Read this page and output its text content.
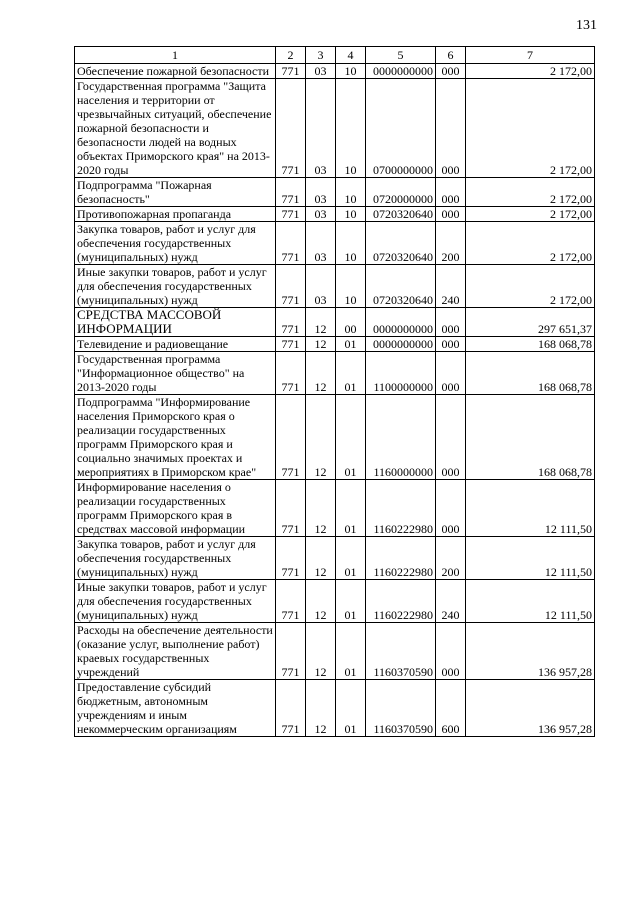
131
1	2	3	4	5	6	7
Обеспечение пожарной безопасности	771	03	10	0000000000	000	2 172,00
Государственная программа "Защита населения и территории от чрезвычайных ситуаций, обеспечение пожарной безопасности и безопасности людей на водных объектах Приморского края" на 2013-2020 годы	771	03	10	0700000000	000	2 172,00
Подпрограмма "Пожарная безопасность"	771	03	10	0720000000	000	2 172,00
Противопожарная пропаганда	771	03	10	0720320640	000	2 172,00
Закупка товаров, работ и услуг для обеспечения государственных (муниципальных) нужд	771	03	10	0720320640	200	2 172,00
Иные закупки товаров, работ и услуг для обеспечения государственных (муниципальных) нужд	771	03	10	0720320640	240	2 172,00
СРЕДСТВА МАССОВОЙ ИНФОРМАЦИИ	771	12	00	0000000000	000	297 651,37
Телевидение и радиовещание	771	12	01	0000000000	000	168 068,78
Государственная программа "Информационное общество" на 2013-2020 годы	771	12	01	1100000000	000	168 068,78
Подпрограмма "Информирование населения Приморского края о реализации государственных программ Приморского края и социально значимых проектах и мероприятиях в Приморском крае"	771	12	01	1160000000	000	168 068,78
Информирование населения о реализации государственных программ Приморского края в средствах массовой информации	771	12	01	1160222980	000	12 111,50
Закупка товаров, работ и услуг для обеспечения государственных (муниципальных) нужд	771	12	01	1160222980	200	12 111,50
Иные закупки товаров, работ и услуг для обеспечения государственных (муниципальных) нужд	771	12	01	1160222980	240	12 111,50
Расходы на обеспечение деятельности (оказание услуг, выполнение работ) краевых государственных учреждений	771	12	01	1160370590	000	136 957,28
Предоставление субсидий бюджетным, автономным учреждениям и иным некоммерческим организациям	771	12	01	1160370590	600	136 957,28
